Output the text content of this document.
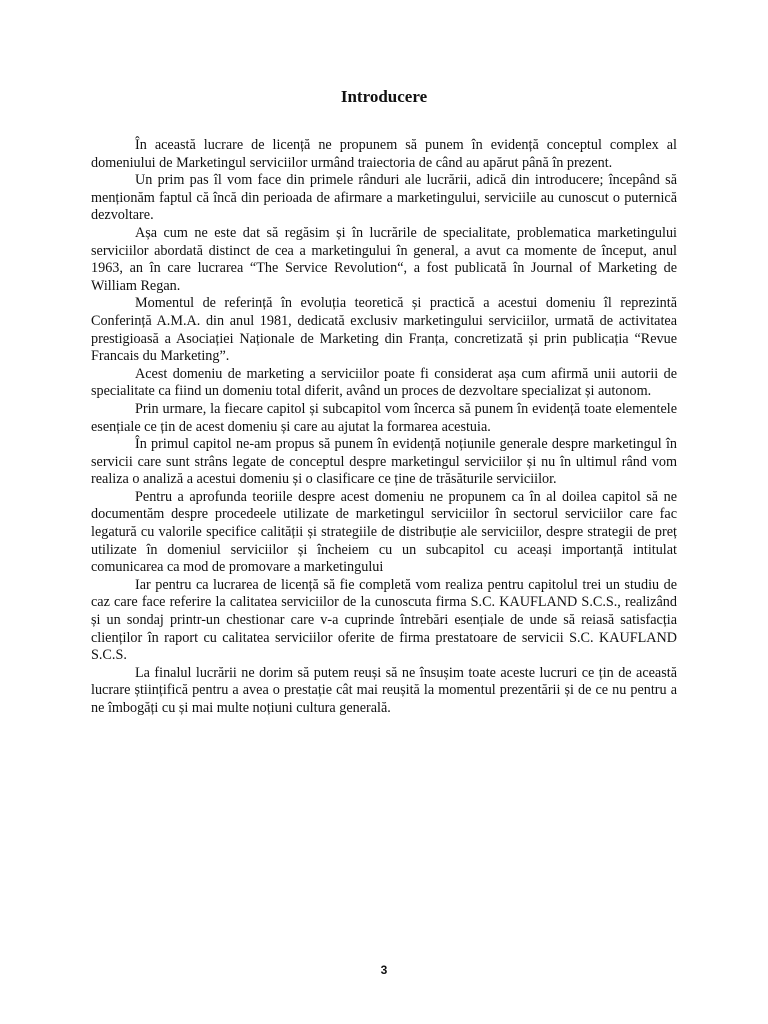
Introducere

În această lucrare de licență ne propunem să punem în evidență conceptul complex al domeniului de Marketingul serviciilor urmând traiectoria de când au apărut până în prezent.

Un prim pas îl vom face din primele rânduri ale lucrării, adică din introducere; începând să menționăm faptul că încă din perioada de afirmare a marketingului, serviciile au cunoscut o puternică dezvoltare.

Așa cum ne este dat să regăsim și în lucrările de specialitate, problematica marketingului serviciilor abordată distinct de cea a marketingului în general, a avut ca momente de început, anul 1963, an în care lucrarea “The Service Revolution“, a fost publicată în Journal of Marketing de William Regan.

Momentul de referință în evoluția teoretică și practică a acestui domeniu îl reprezintă Conferință A.M.A. din anul 1981, dedicată exclusiv marketingului serviciilor, urmată de activitatea prestigioasă a Asociației Naționale de Marketing din Franța, concretizată și prin publicația “Revue Francais du Marketing”.

Acest domeniu de marketing a serviciilor poate fi considerat așa cum afirmă unii autorii de specialitate ca fiind un domeniu total diferit, având un proces de dezvoltare specializat și autonom.

Prin urmare, la fiecare capitol și subcapitol vom încerca să punem în evidență toate elementele esențiale ce țin de acest domeniu și care au ajutat la formarea acestuia.

În primul capitol ne-am propus să punem în evidență noțiunile generale despre marketingul în servicii care sunt strâns legate de conceptul despre marketingul serviciilor și nu în ultimul rând vom realiza o analiză a acestui domeniu și o clasificare ce ține de trăsăturile serviciilor.

Pentru a aprofunda teoriile despre acest domeniu ne propunem ca în al doilea capitol să ne documentăm despre procedeele utilizate de marketingul serviciilor în sectorul serviciilor care fac legatură cu valorile specifice calității și strategiile de distribuție ale serviciilor, despre strategii de preț utilizate în domeniul serviciilor și încheiem cu un subcapitol cu aceași importanță intitulat comunicarea ca mod de promovare a marketingului

Iar pentru ca lucrarea de licență să fie completă vom realiza pentru capitolul trei un studiu de caz care face referire la calitatea serviciilor de la cunoscuta firma S.C. KAUFLAND S.C.S., realizând și un sondaj printr-un chestionar care v-a cuprinde întrebări esențiale de unde să reiasă satisfacția clienților în raport cu calitatea serviciilor oferite de firma prestatoare de servicii S.C. KAUFLAND S.C.S.

La finalul lucrării ne dorim să putem reuși să ne însușim toate aceste lucruri ce țin de această lucrare științifică pentru a avea o prestație cât mai reușită la momentul prezentării și de ce nu pentru a ne îmbogăți cu și mai multe noțiuni cultura generală.

3
